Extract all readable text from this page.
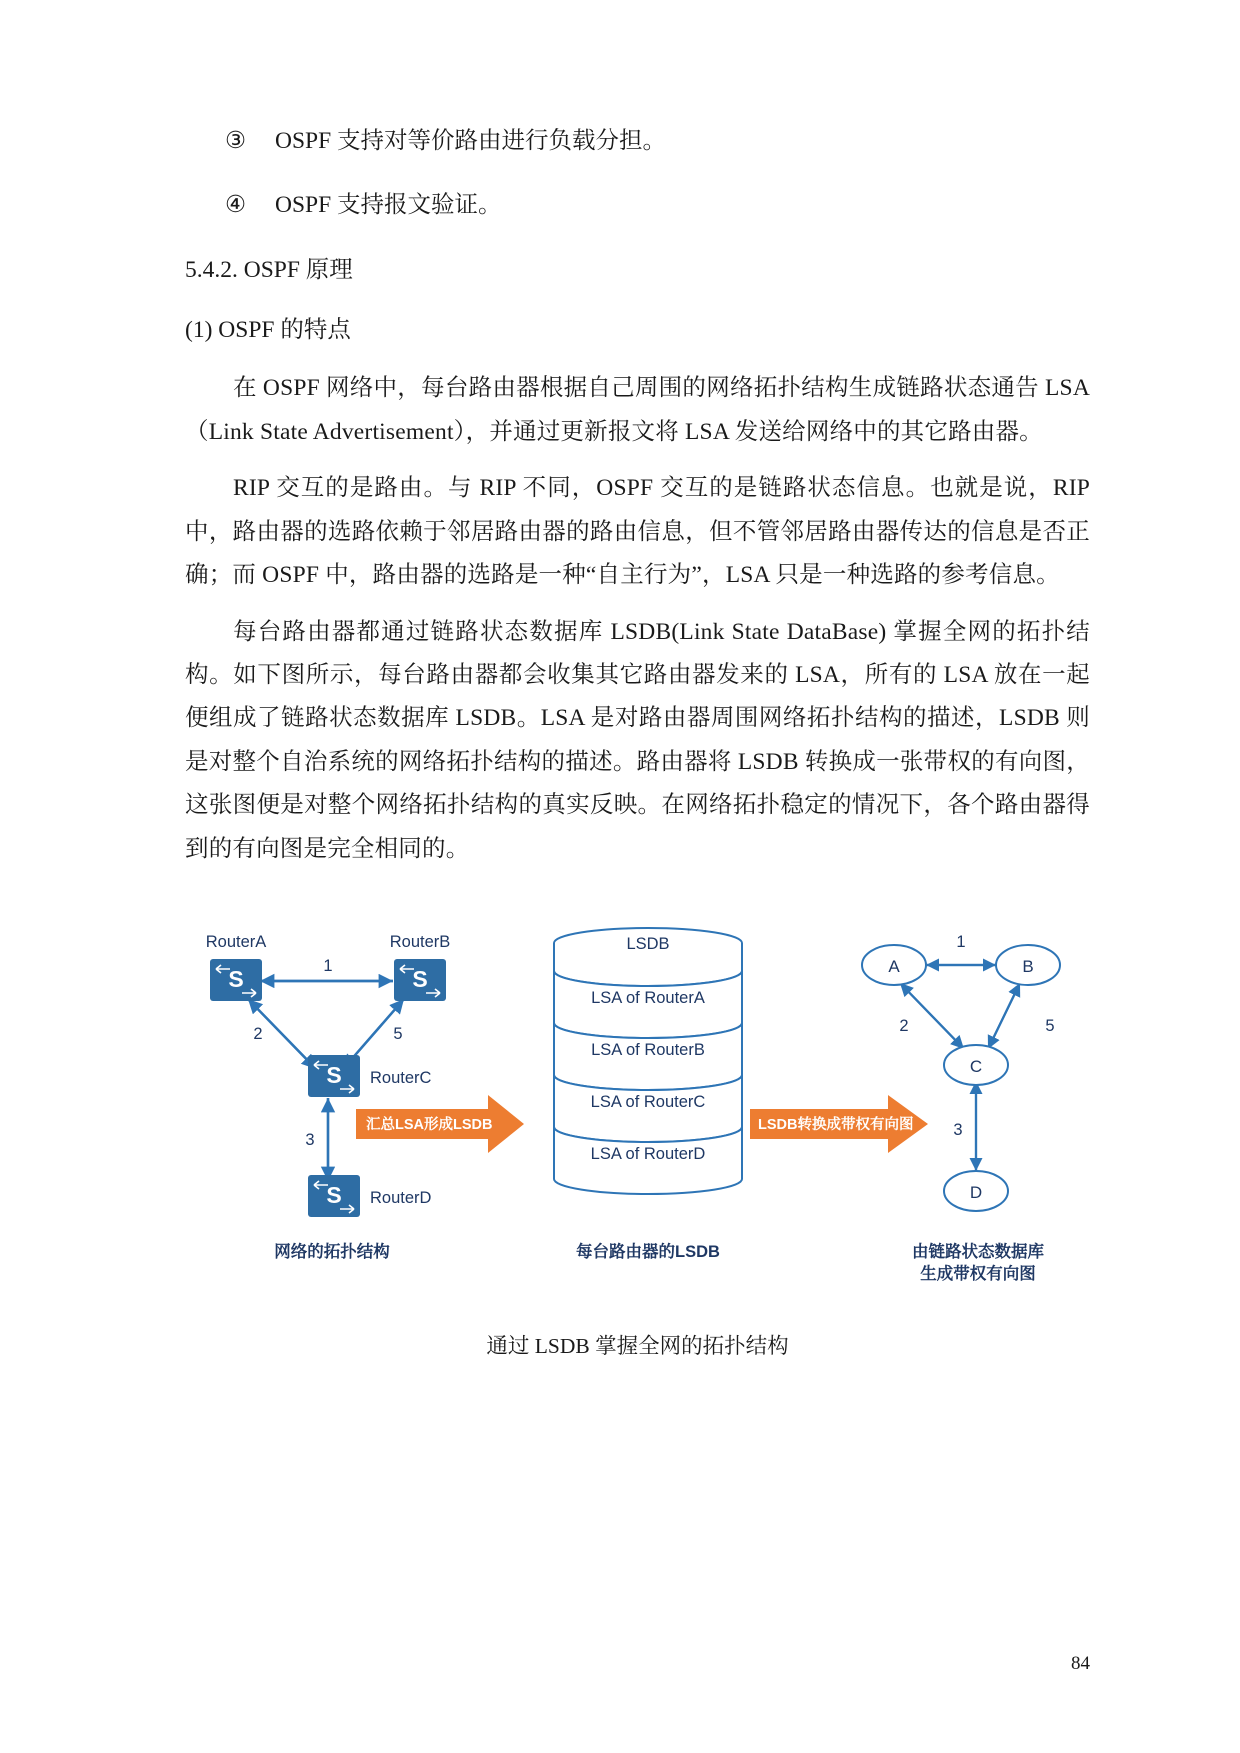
③ OSPF 支持对等价路由进行负载分担。
④ OSPF 支持报文验证。
5.4.2. OSPF 原理
(1) OSPF 的特点

在 OSPF 网络中，每台路由器根据自己周围的网络拓扑结构生成链路状态通告 LSA（Link State Advertisement），并通过更新报文将 LSA 发送给网络中的其它路由器。

RIP 交互的是路由。与 RIP 不同，OSPF 交互的是链路状态信息。也就是说，RIP 中，路由器的选路依赖于邻居路由器的路由信息，但不管邻居路由器传达的信息是否正确；而 OSPF 中，路由器的选路是一种“自主行为”，LSA 只是一种选路的参考信息。

每台路由器都通过链路状态数据库 LSDB(Link State DataBase) 掌握全网的拓扑结构。如下图所示，每台路由器都会收集其它路由器发来的 LSA，所有的 LSA 放在一起便组成了链路状态数据库 LSDB。LSA 是对路由器周围网络拓扑结构的描述，LSDB 则是对整个自治系统的网络拓扑结构的描述。路由器将 LSDB 转换成一张带权的有向图，这张图便是对整个网络拓扑结构的真实反映。在网络拓扑稳定的情况下，各个路由器得到的有向图是完全相同的。

S	S
S
S
RouterA	RouterB
RouterC
RouterD
1
2	5
3
汇总LSA形成LSDB
LSDB
LSA of RouterA
LSA of RouterB
LSA of RouterC
LSA of RouterD
LSDB转换成带权有向图
A	B
C
D
1
2	5
3
网络的拓扑结构	每台路由器的LSDB	由链路状态数据库
生成带权有向图
通过 LSDB 掌握全网的拓扑结构
84
